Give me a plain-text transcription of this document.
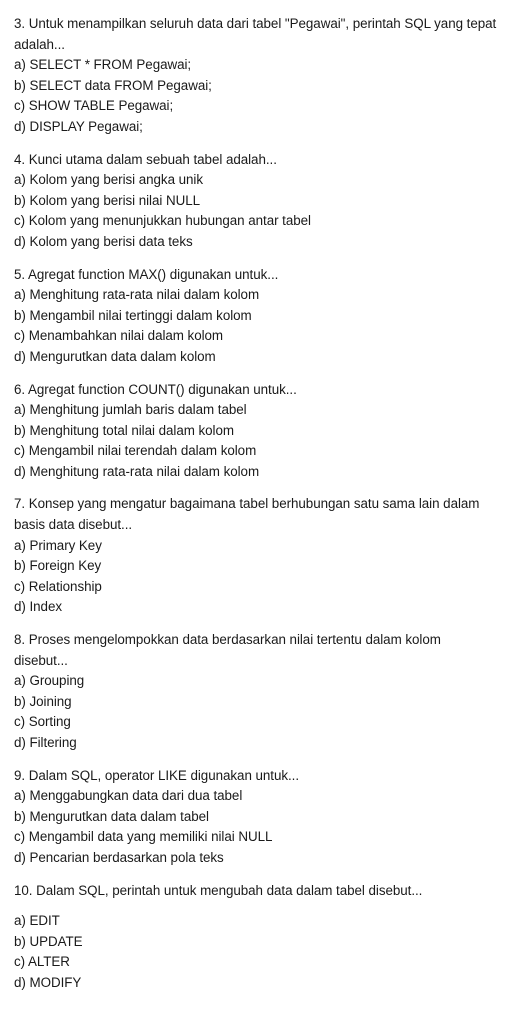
3. Untuk menampilkan seluruh data dari tabel "Pegawai", perintah SQL yang tepat adalah...
a) SELECT * FROM Pegawai;
b) SELECT data FROM Pegawai;
c) SHOW TABLE Pegawai;
d) DISPLAY Pegawai;
4. Kunci utama dalam sebuah tabel adalah...
a) Kolom yang berisi angka unik
b) Kolom yang berisi nilai NULL
c) Kolom yang menunjukkan hubungan antar tabel
d) Kolom yang berisi data teks
5. Agregat function MAX() digunakan untuk...
a) Menghitung rata-rata nilai dalam kolom
b) Mengambil nilai tertinggi dalam kolom
c) Menambahkan nilai dalam kolom
d) Mengurutkan data dalam kolom
6. Agregat function COUNT() digunakan untuk...
a) Menghitung jumlah baris dalam tabel
b) Menghitung total nilai dalam kolom
c) Mengambil nilai terendah dalam kolom
d) Menghitung rata-rata nilai dalam kolom
7. Konsep yang mengatur bagaimana tabel berhubungan satu sama lain dalam basis data disebut...
a) Primary Key
b) Foreign Key
c) Relationship
d) Index
8. Proses mengelompokkan data berdasarkan nilai tertentu dalam kolom disebut...
a) Grouping
b) Joining
c) Sorting
d) Filtering
9. Dalam SQL, operator LIKE digunakan untuk...
a) Menggabungkan data dari dua tabel
b) Mengurutkan data dalam tabel
c) Mengambil data yang memiliki nilai NULL
d) Pencarian berdasarkan pola teks
10. Dalam SQL, perintah untuk mengubah data dalam tabel disebut...
a) EDIT
b) UPDATE
c) ALTER
d) MODIFY
